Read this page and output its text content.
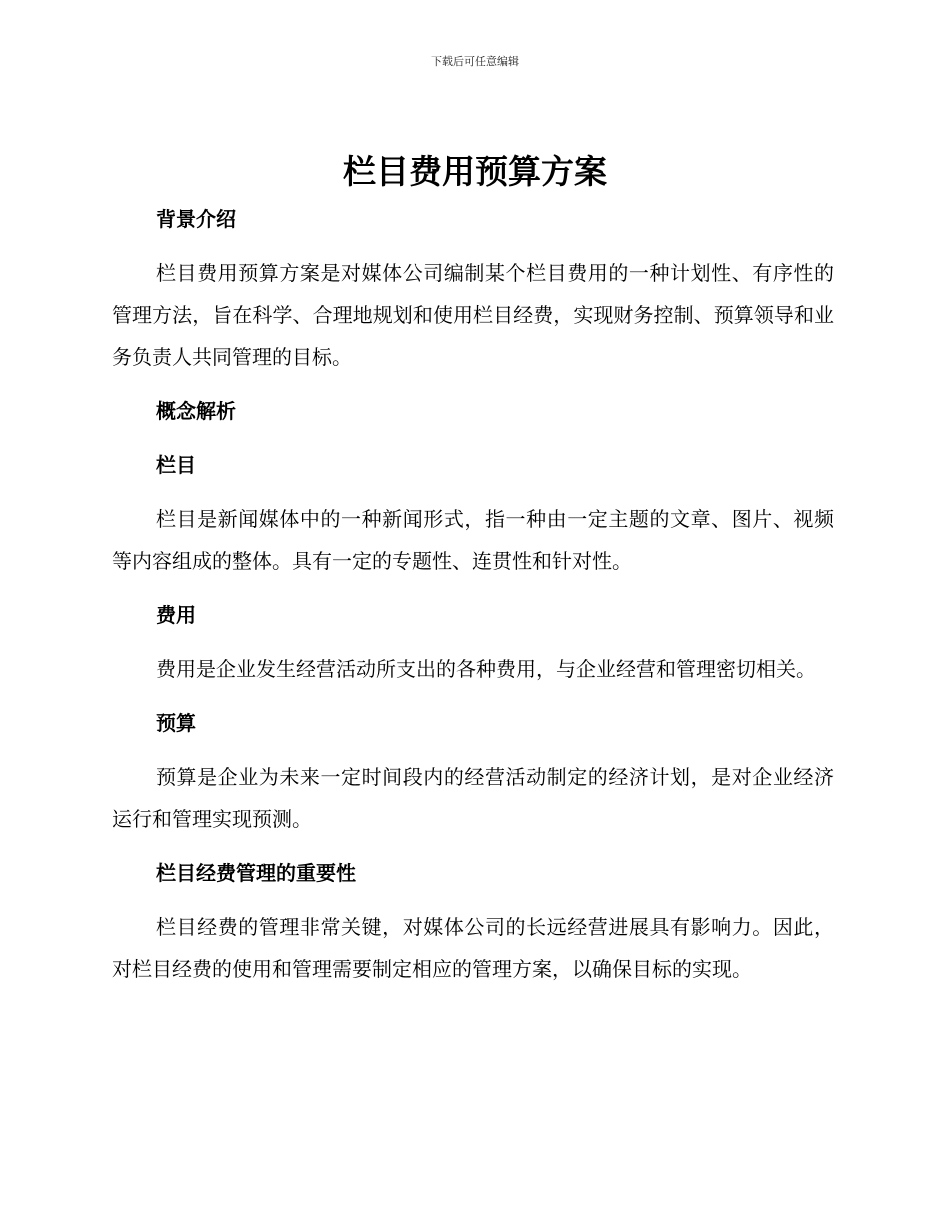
下载后可任意编辑
栏目费用预算方案
背景介绍

栏目费用预算方案是对媒体公司编制某个栏目费用的一种计划性、有序性的管理方法，旨在科学、合理地规划和使用栏目经费，实现财务控制、预算领导和业务负责人共同管理的目标。

概念解析
栏目

栏目是新闻媒体中的一种新闻形式，指一种由一定主题的文章、图片、视频等内容组成的整体。具有一定的专题性、连贯性和针对性。

费用

费用是企业发生经营活动所支出的各种费用，与企业经营和管理密切相关。

预算

预算是企业为未来一定时间段内的经营活动制定的经济计划，是对企业经济运行和管理实现预测。

栏目经费管理的重要性

栏目经费的管理非常关键，对媒体公司的长远经营进展具有影响力。因此，对栏目经费的使用和管理需要制定相应的管理方案，以确保目标的实现。
